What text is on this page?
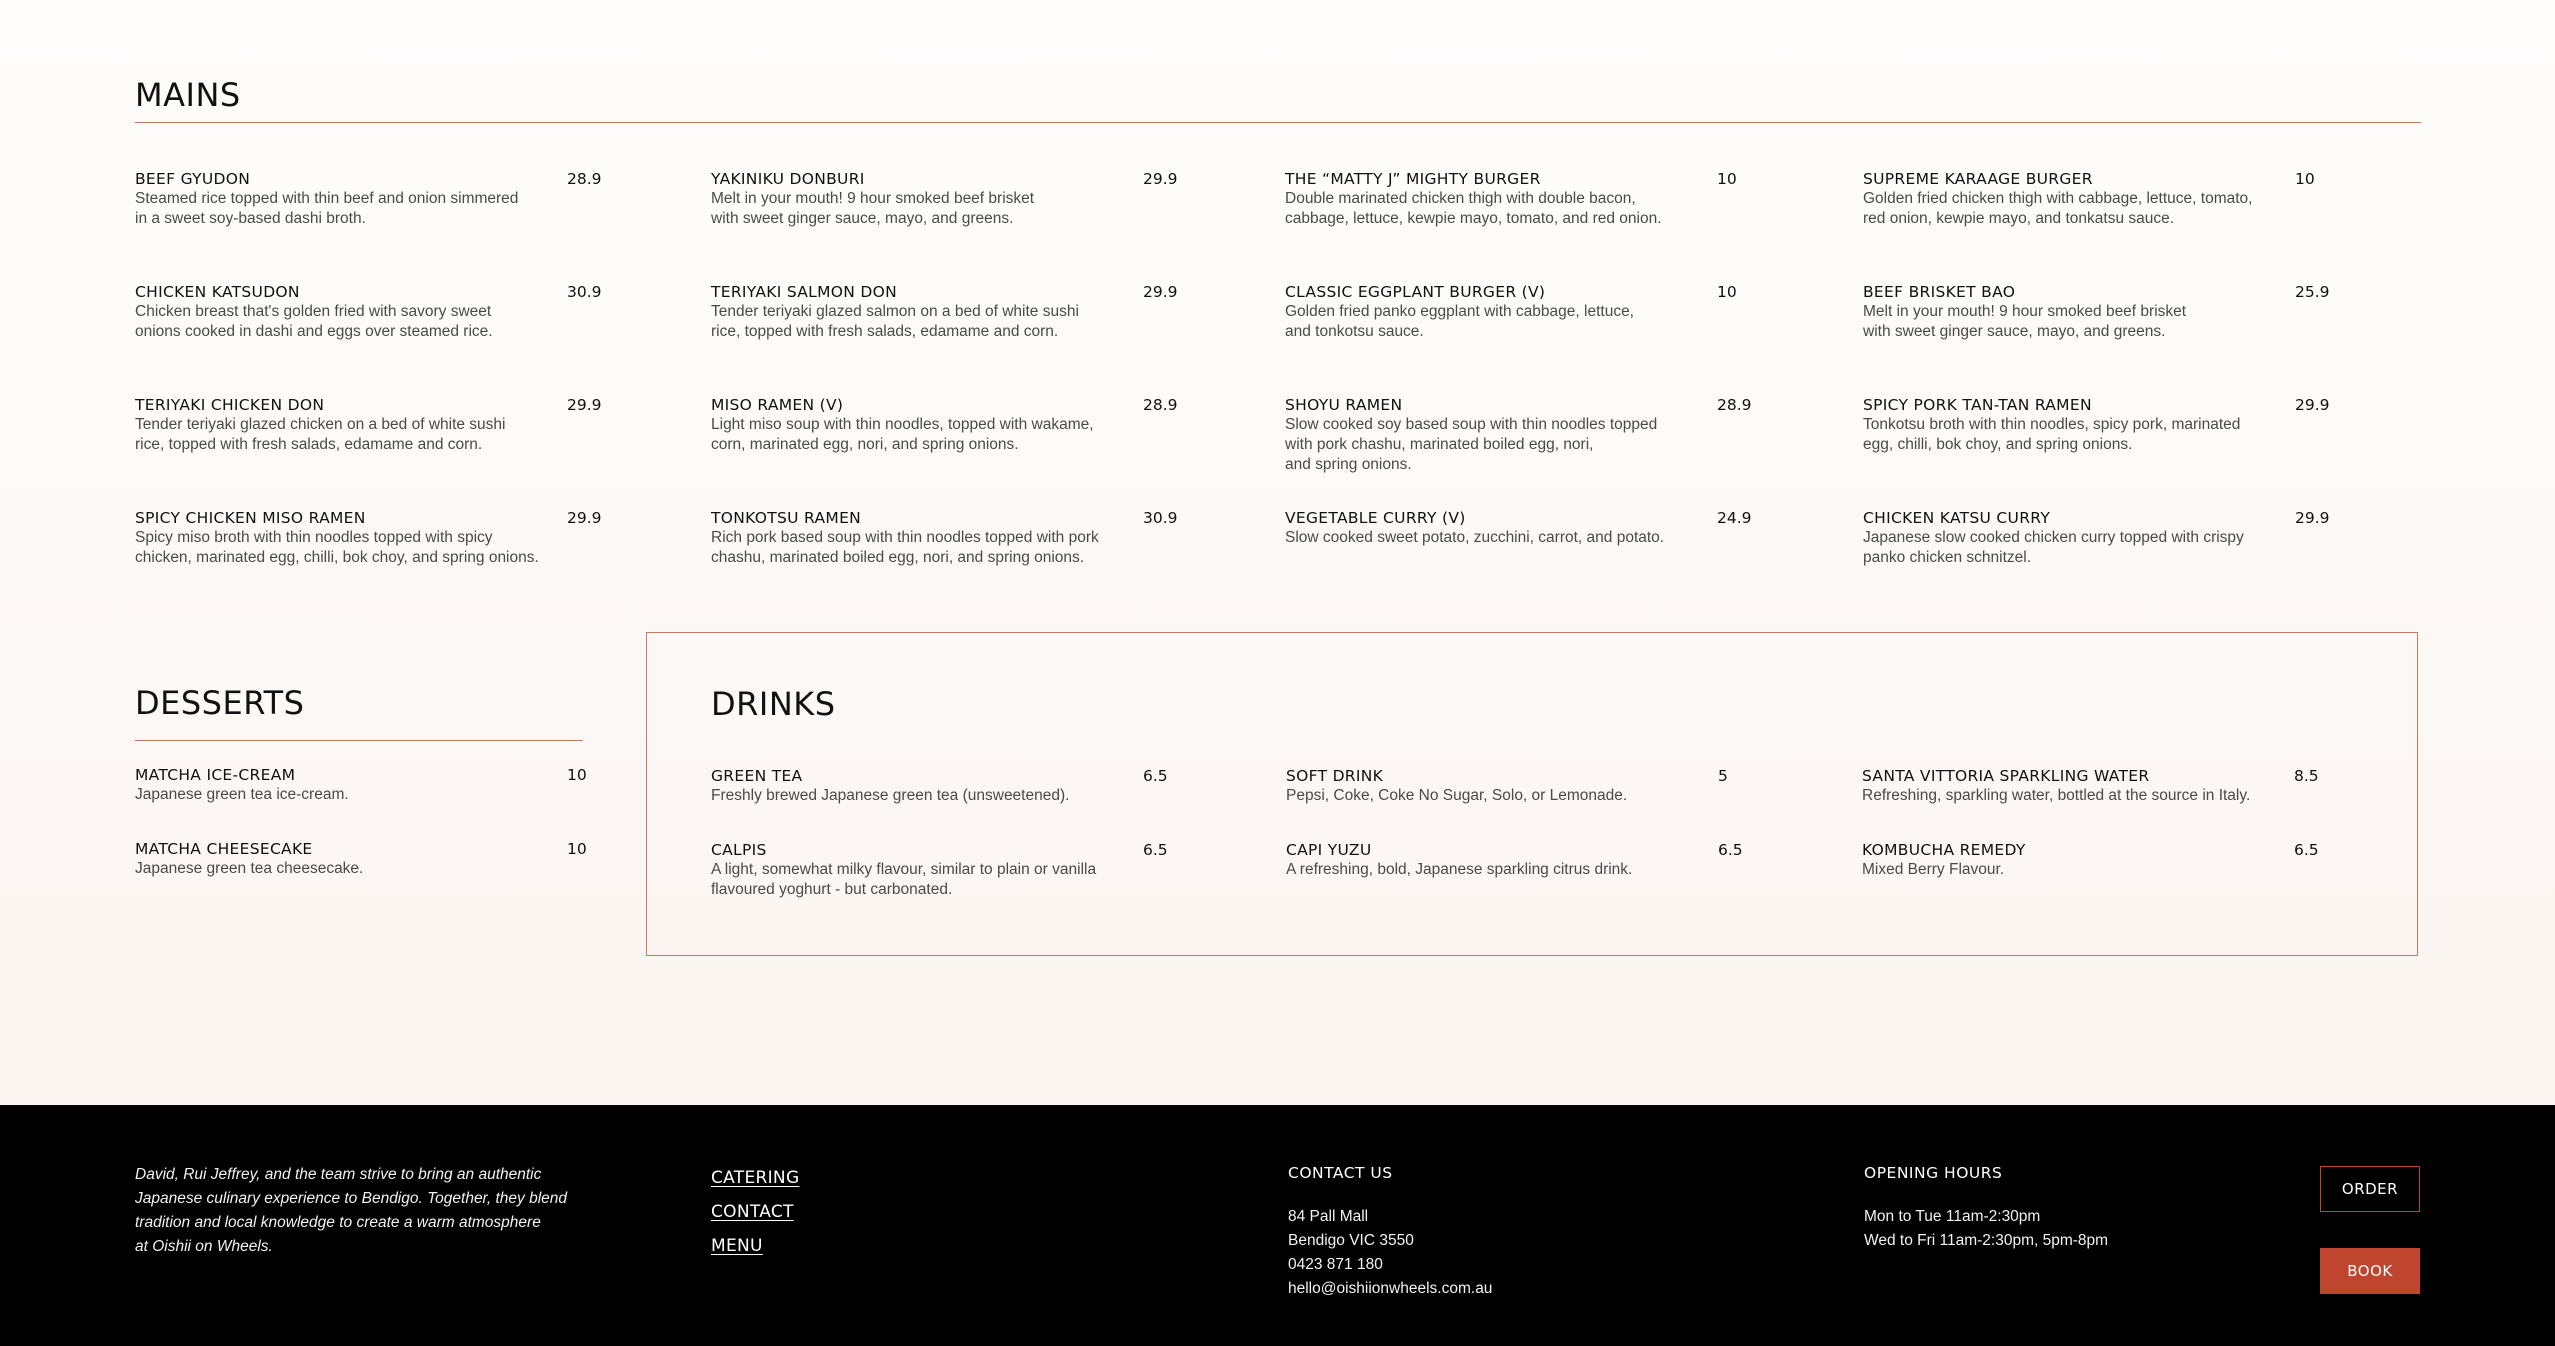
MAINS
BEEF GYUDON	28.9
Steamed rice topped with thin beef and onion simmered
in a sweet soy-based dashi broth.
CHICKEN KATSUDON	30.9
Chicken breast that's golden fried with savory sweet
onions cooked in dashi and eggs over steamed rice.
TERIYAKI CHICKEN DON	29.9
Tender teriyaki glazed chicken on a bed of white sushi
rice, topped with fresh salads, edamame and corn.
SPICY CHICKEN MISO RAMEN	29.9
Spicy miso broth with thin noodles topped with spicy
chicken, marinated egg, chilli, bok choy, and spring onions.
YAKINIKU DONBURI	29.9
Melt in your mouth! 9 hour smoked beef brisket
with sweet ginger sauce, mayo, and greens.
TERIYAKI SALMON DON	29.9
Tender teriyaki glazed salmon on a bed of white sushi
rice, topped with fresh salads, edamame and corn.
MISO RAMEN (V)	28.9
Light miso soup with thin noodles, topped with wakame,
corn, marinated egg, nori, and spring onions.
TONKOTSU RAMEN	30.9
Rich pork based soup with thin noodles topped with pork
chashu, marinated boiled egg, nori, and spring onions.
THE “MATTY J” MIGHTY BURGER	10
Double marinated chicken thigh with double bacon,
cabbage, lettuce, kewpie mayo, tomato, and red onion.
CLASSIC EGGPLANT BURGER (V)	10
Golden fried panko eggplant with cabbage, lettuce,
and tonkotsu sauce.
SHOYU RAMEN	28.9
Slow cooked soy based soup with thin noodles topped
with pork chashu, marinated boiled egg, nori,
and spring onions.
VEGETABLE CURRY (V)	24.9
Slow cooked sweet potato, zucchini, carrot, and potato.
SUPREME KARAAGE BURGER	10
Golden fried chicken thigh with cabbage, lettuce, tomato,
red onion, kewpie mayo, and tonkatsu sauce.
BEEF BRISKET BAO	25.9
Melt in your mouth! 9 hour smoked beef brisket
with sweet ginger sauce, mayo, and greens.
SPICY PORK TAN-TAN RAMEN	29.9
Tonkotsu broth with thin noodles, spicy pork, marinated
egg, chilli, bok choy, and spring onions.
CHICKEN KATSU CURRY	29.9
Japanese slow cooked chicken curry topped with crispy
panko chicken schnitzel.
DESSERTS
MATCHA ICE-CREAM	10
Japanese green tea ice-cream.
MATCHA CHEESECAKE	10
Japanese green tea cheesecake.
DRINKS
GREEN TEA	6.5
Freshly brewed Japanese green tea (unsweetened).
CALPIS	6.5
A light, somewhat milky flavour, similar to plain or vanilla
flavoured yoghurt - but carbonated.
SOFT DRINK	5
Pepsi, Coke, Coke No Sugar, Solo, or Lemonade.
CAPI YUZU	6.5
A refreshing, bold, Japanese sparkling citrus drink.
SANTA VITTORIA SPARKLING WATER	8.5
Refreshing, sparkling water, bottled at the source in Italy.
KOMBUCHA REMEDY	6.5
Mixed Berry Flavour.
David, Rui Jeffrey, and the team strive to bring an authentic
Japanese culinary experience to Bendigo. Together, they blend
tradition and local knowledge to create a warm atmosphere
at Oishii on Wheels.
CATERING
CONTACT
MENU
CONTACT US
84 Pall Mall
Bendigo VIC 3550
0423 871 180
hello@oishiionwheels.com.au
OPENING HOURS
Mon to Tue 11am-2:30pm
Wed to Fri 11am-2:30pm, 5pm-8pm
ORDER
BOOK
